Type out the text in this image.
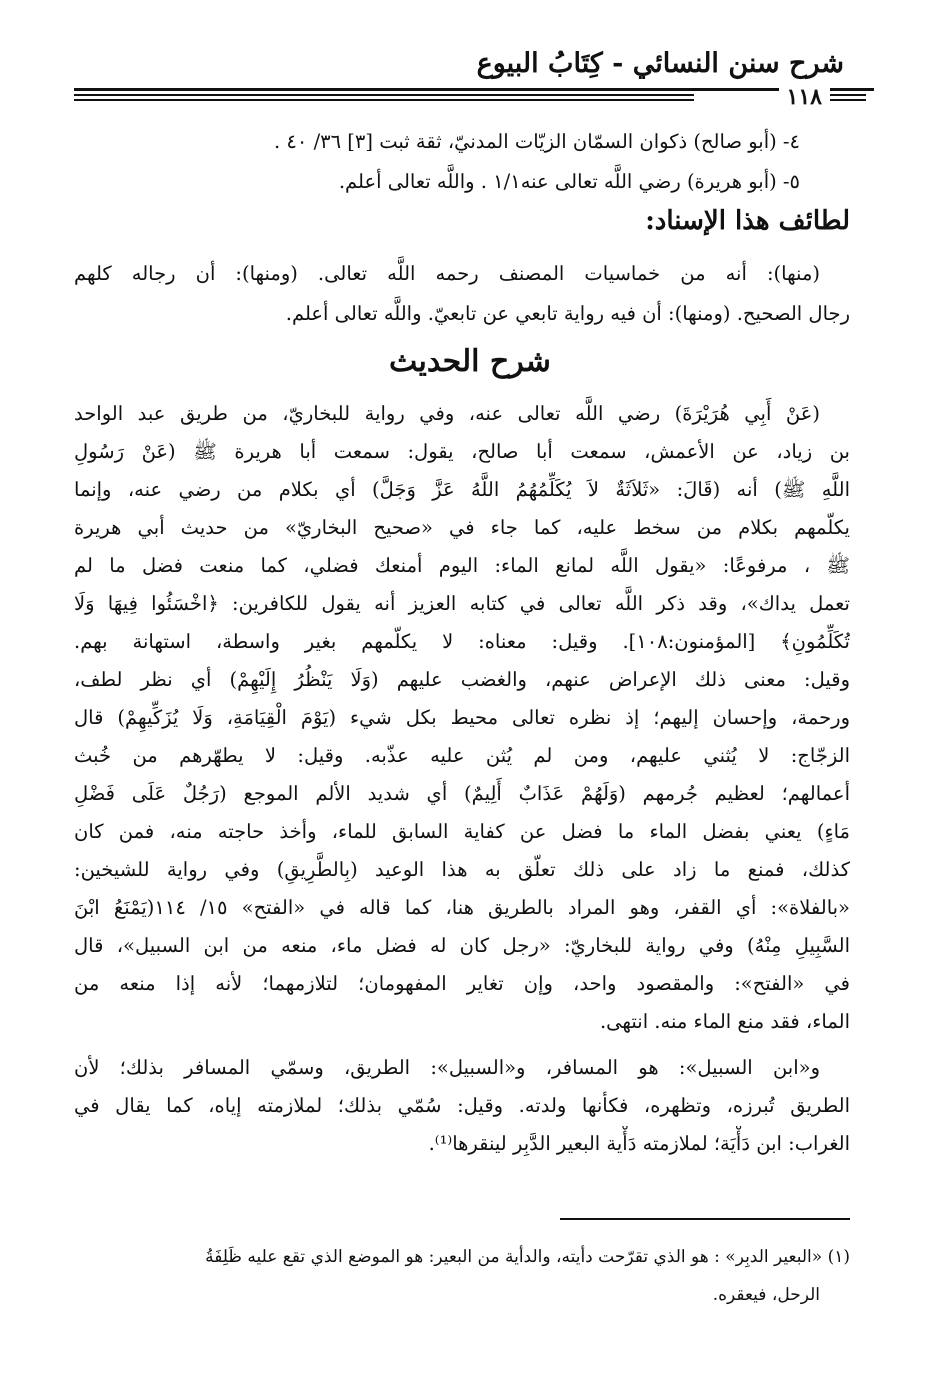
شرح سنن النسائي - كِتَابُ البيوع
١١٨
٤- (أبو صالح) ذكوان السمّان الزيّات المدنيّ، ثقة ثبت [٣] ٣٦/ ٤٠ .
٥- (أبو هريرة) رضي اللَّه تعالى عنه١/١ . واللَّه تعالى أعلم.
لطائف هذا الإسناد:
(منها): أنه من خماسيات المصنف رحمه اللَّه تعالى. (ومنها): أن رجاله كلهم
رجال الصحيح. (ومنها): أن فيه رواية تابعي عن تابعيّ. واللَّه تعالى أعلم.
شرح الحديث
(عَنْ أَبِي هُرَيْرَةَ) رضي اللَّه تعالى عنه، وفي رواية للبخاريّ، من طريق عبد الواحد
بن زياد، عن الأعمش، سمعت أبا صالح، يقول: سمعت أبا هريرة ﷺ (عَنْ رَسُولِ
اللَّهِ ﷺ) أنه (قَالَ: «ثَلاَثَةٌ لاَ يُكَلِّمُهُمُ اللَّهُ عَزَّ وَجَلَّ) أي بكلام من رضي عنه، وإنما
يكلّمهم بكلام من سخط عليه، كما جاء في «صحيح البخاريّ» من حديث أبي هريرة
ﷺ ، مرفوعًا: «يقول اللَّه لمانع الماء: اليوم أمنعك فضلي، كما منعت فضل ما لم
تعمل يداك»، وقد ذكر اللَّه تعالى في كتابه العزيز أنه يقول للكافرين: ﴿اخْسَئُوا فِيهَا وَلَا
تُكَلِّمُونِ﴾ [المؤمنون:١٠٨]. وقيل: معناه: لا يكلّمهم بغير واسطة، استهانة بهم.
وقيل: معنى ذلك الإعراض عنهم، والغضب عليهم (وَلَا يَنْظُرُ إِلَيْهِمْ) أي نظر لطف،
ورحمة، وإحسان إليهم؛ إذ نظره تعالى محيط بكل شيء (يَوْمَ الْقِيَامَةِ، وَلَا يُزَكِّيهِمْ) قال
الزجّاج: لا يُثني عليهم، ومن لم يُثن عليه عذّبه. وقيل: لا يطهّرهم من خُبث
أعمالهم؛ لعظيم جُرمهم (وَلَهُمْ عَذَابٌ أَلِيمٌ) أي شديد الألم الموجع (رَجُلٌ عَلَى فَضْلِ
مَاءٍ) يعني بفضل الماء ما فضل عن كفاية السابق للماء، وأخذ حاجته منه، فمن كان
كذلك، فمنع ما زاد على ذلك تعلّق به هذا الوعيد (بِالطَّرِيقِ) وفي رواية للشيخين:
«بالفلاة»: أي القفر، وهو المراد بالطريق هنا، كما قاله في «الفتح» ١٥/ ١١٤(يَمْنَعُ ابْنَ
السَّبِيلِ مِنْهُ) وفي رواية للبخاريّ: «رجل كان له فضل ماء، منعه من ابن السبيل»، قال
في «الفتح»: والمقصود واحد، وإن تغاير المفهومان؛ لتلازمهما؛ لأنه إذا منعه من
الماء، فقد منع الماء منه. انتهى.
و«ابن السبيل»: هو المسافر، و«السبيل»: الطريق، وسمّي المسافر بذلك؛ لأن
الطريق تُبرزه، وتظهره، فكأنها ولدته. وقيل: سُمّي بذلك؛ لملازمته إياه، كما يقال في
الغراب: ابن دَأْيَة؛ لملازمته دَأْية البعير الدَّبِر لينقرها⁽¹⁾.
(١) «البعير الدبِر» : هو الذي تقرّحت دأيته، والدأية من البعير: هو الموضع الذي تقع عليه ظَلِفَةُ
الرحل، فيعقره.
